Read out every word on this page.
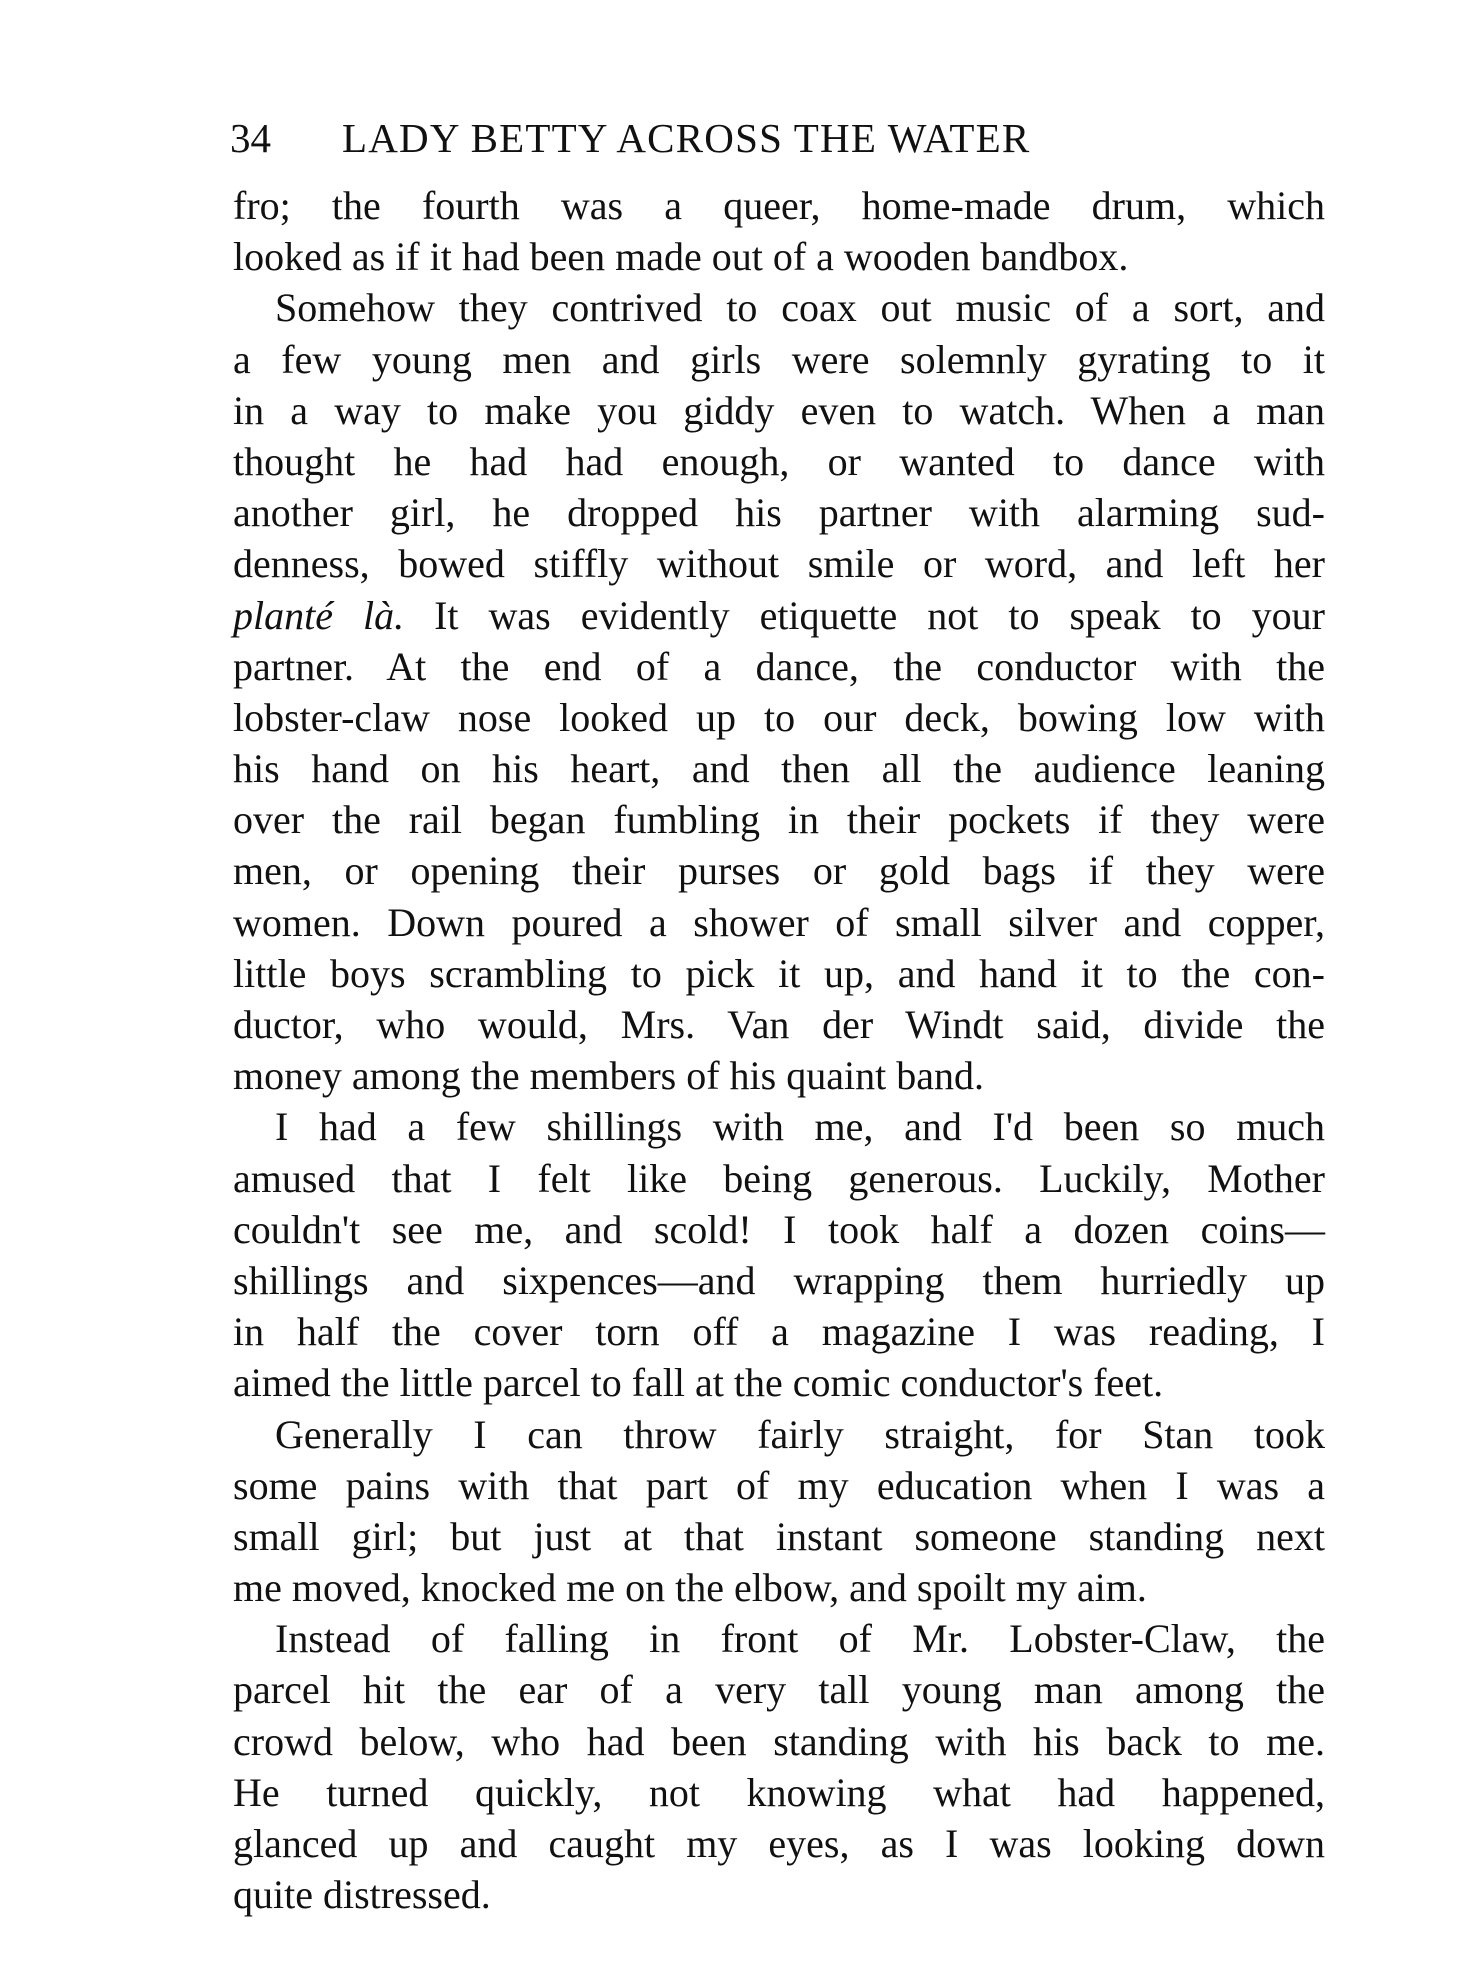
34 LADY BETTY ACROSS THE WATER
fro; the fourth was a queer, home-made drum, which
looked as if it had been made out of a wooden bandbox.
Somehow they contrived to coax out music of a sort, and
a few young men and girls were solemnly gyrating to it
in a way to make you giddy even to watch. When a man
thought he had had enough, or wanted to dance with
another girl, he dropped his partner with alarming sud-
denness, bowed stiffly without smile or word, and left her
planté là. It was evidently etiquette not to speak to your
partner. At the end of a dance, the conductor with the
lobster-claw nose looked up to our deck, bowing low with
his hand on his heart, and then all the audience leaning
over the rail began fumbling in their pockets if they were
men, or opening their purses or gold bags if they were
women. Down poured a shower of small silver and copper,
little boys scrambling to pick it up, and hand it to the con-
ductor, who would, Mrs. Van der Windt said, divide the
money among the members of his quaint band.
I had a few shillings with me, and I'd been so much
amused that I felt like being generous. Luckily, Mother
couldn't see me, and scold! I took half a dozen coins—
shillings and sixpences—and wrapping them hurriedly up
in half the cover torn off a magazine I was reading, I
aimed the little parcel to fall at the comic conductor's feet.
Generally I can throw fairly straight, for Stan took
some pains with that part of my education when I was a
small girl; but just at that instant someone standing next
me moved, knocked me on the elbow, and spoilt my aim.
Instead of falling in front of Mr. Lobster-Claw, the
parcel hit the ear of a very tall young man among the
crowd below, who had been standing with his back to me.
He turned quickly, not knowing what had happened,
glanced up and caught my eyes, as I was looking down
quite distressed.
